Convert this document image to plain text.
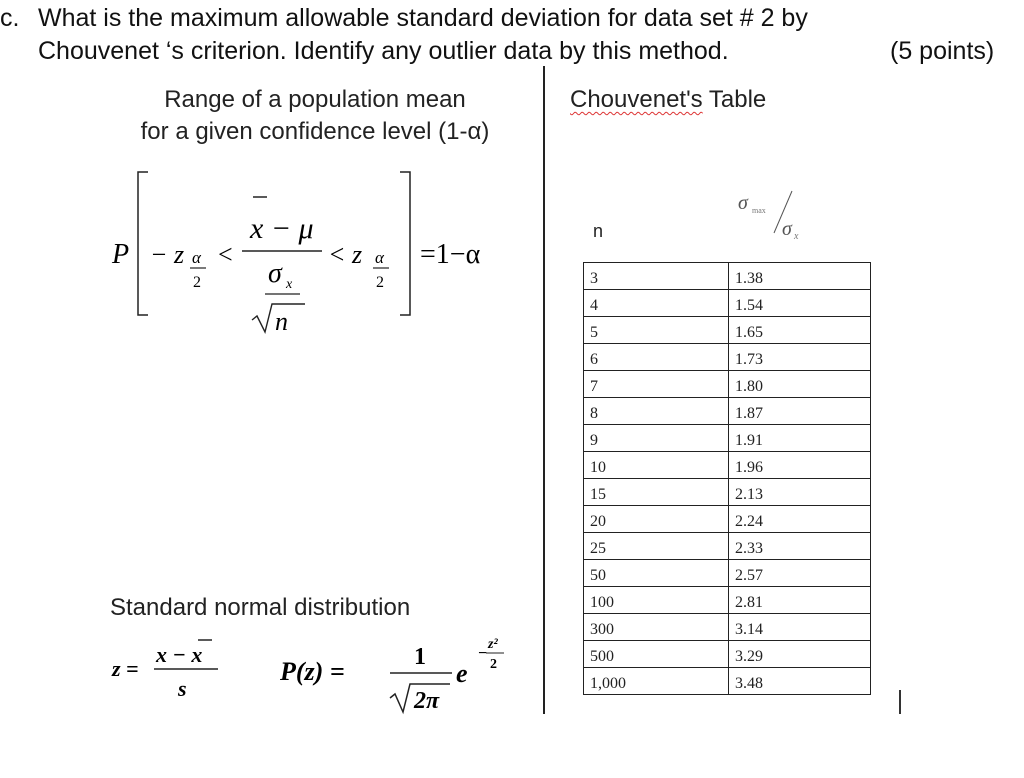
c. What is the maximum allowable standard deviation for data set # 2 by
Chouvenet ‘s criterion. Identify any outlier data by this method.	(5 points)
Range of a population mean
for a given confidence level (1-α)
P − z α
2
<
x − μ
σ x
n
< z α
2
=1−α
Standard normal distribution
z =
x − x
s
P(z) =	1
2π
e
−
z²
2
Chouvenet's Table
n
σ max
σ x
3	1.38
4	1.54
5	1.65
6	1.73
7	1.80
8	1.87
9	1.91
10	1.96
15	2.13
20	2.24
25	2.33
50	2.57
100	2.81
300	3.14
500	3.29
1,000	3.48
